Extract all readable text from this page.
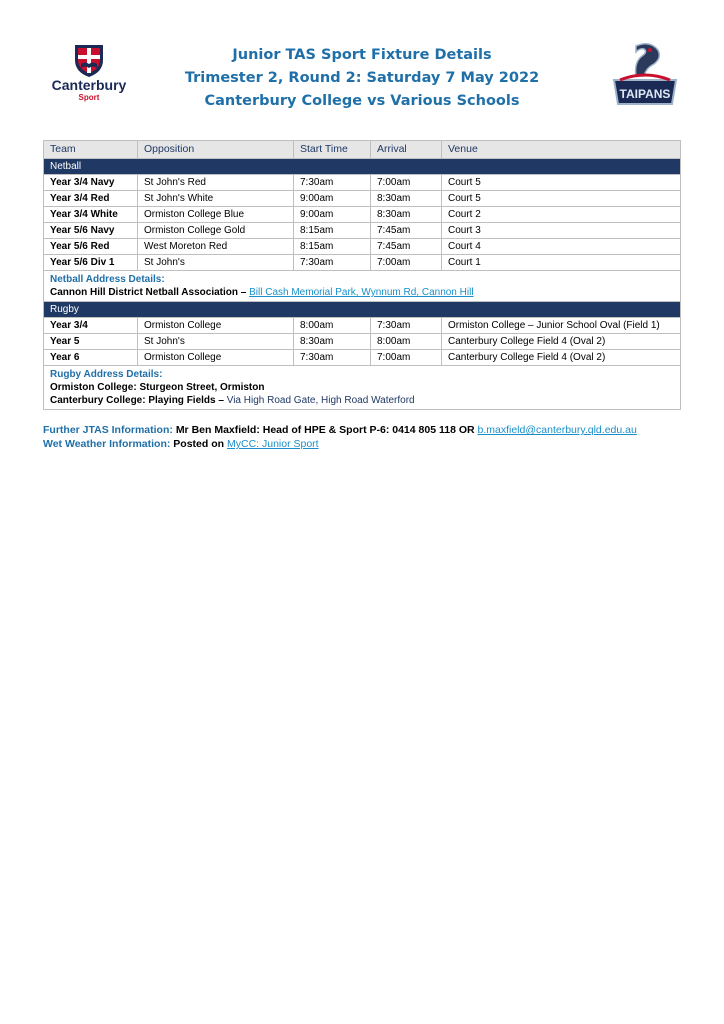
Canterbury
Sport
Junior TAS Sport Fixture Details
Trimester 2, Round 2: Saturday 7 May 2022
Canterbury College vs Various Schools	TAIPANS
Team	Opposition	Start Time	Arrival	Venue
Netball				
Year 3/4 Navy	St John's Red	7:30am	7:00am	Court 5
Year 3/4 Red	St John's White	9:00am	8:30am	Court 5
Year 3/4 White	Ormiston College Blue	9:00am	8:30am	Court 2
Year 5/6 Navy	Ormiston College Gold	8:15am	7:45am	Court 3
Year 5/6 Red	West Moreton Red	8:15am	7:45am	Court 4
Year 5/6 Div 1	St John's	7:30am	7:00am	Court 1

Netball Address Details:
Cannon Hill District Netball Association – Bill Cash Memorial Park, Wynnum Rd, Cannon Hill				

Rugby				
Year 3/4	Ormiston College	8:00am	7:30am	Ormiston College – Junior School Oval (Field 1)
Year 5	St John's	8:30am	8:00am	Canterbury College Field 4 (Oval 2)
Year 6	Ormiston College	7:30am	7:00am	Canterbury College Field 4 (Oval 2)

Rugby Address Details:
Ormiston College: Sturgeon Street, Ormiston
Canterbury College: Playing Fields – Via High Road Gate, High Road Waterford				
Further JTAS Information: Mr Ben Maxfield: Head of HPE & Sport P-6: 0414 805 118 OR b.maxfield@canterbury.qld.edu.au
Wet Weather Information: Posted on MyCC: Junior Sport
